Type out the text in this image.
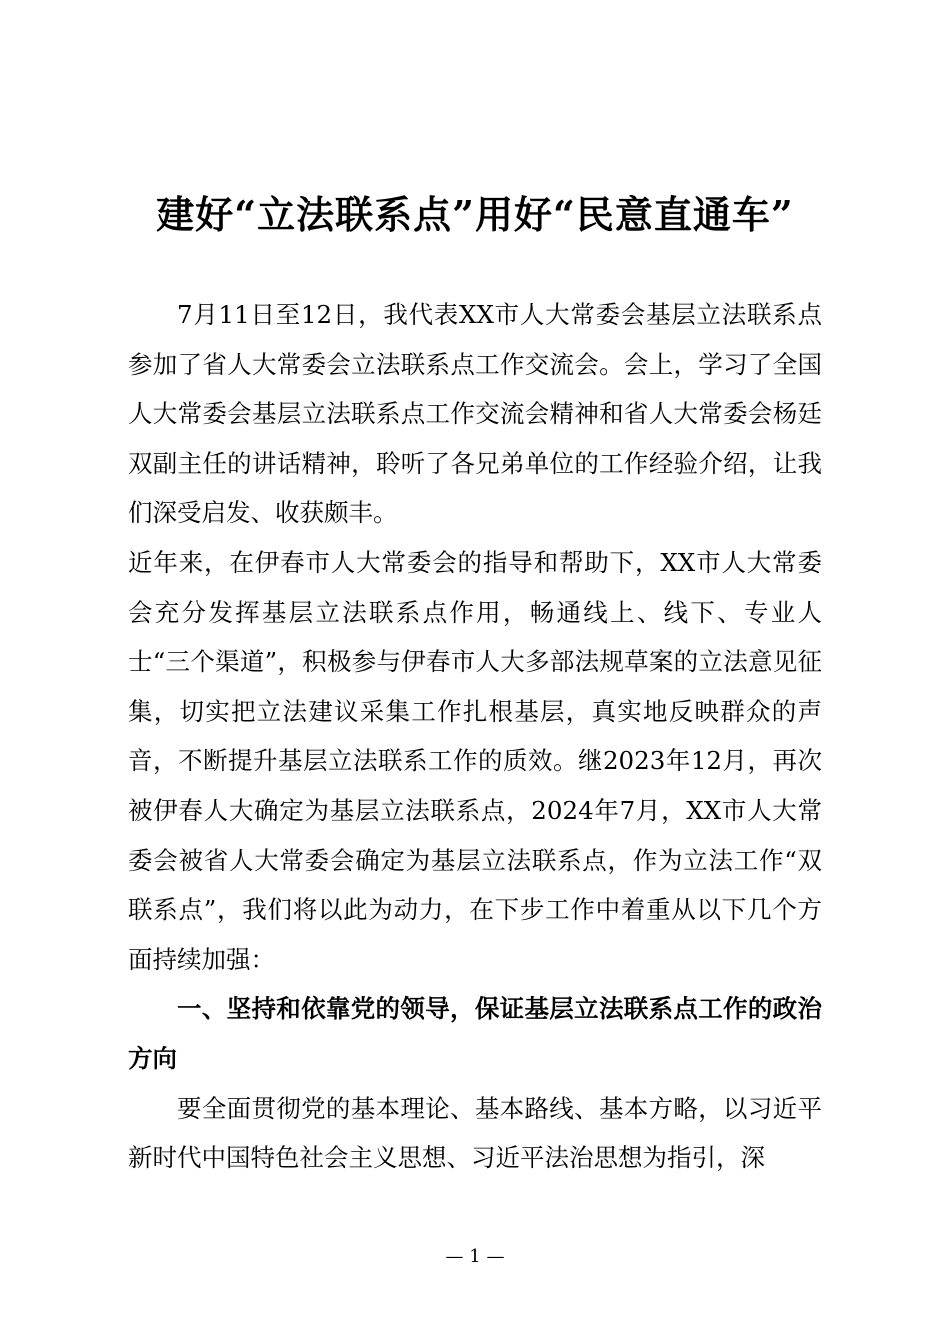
建好“立法联系点”用好“民意直通车”

7月11日至12日，我代表XX市人大常委会基层立法联系点参加了省人大常委会立法联系点工作交流会。会上，学习了全国人大常委会基层立法联系点工作交流会精神和省人大常委会杨廷双副主任的讲话精神，聆听了各兄弟单位的工作经验介绍，让我们深受启发、收获颇丰。

近年来，在伊春市人大常委会的指导和帮助下，XX市人大常委会充分发挥基层立法联系点作用，畅通线上、线下、专业人士“三个渠道”，积极参与伊春市人大多部法规草案的立法意见征集，切实把立法建议采集工作扎根基层，真实地反映群众的声音，不断提升基层立法联系工作的质效。继2023年12月，再次被伊春人大确定为基层立法联系点，2024年7月，XX市人大常委会被省人大常委会确定为基层立法联系点，作为立法工作“双联系点”，我们将以此为动力，在下步工作中着重从以下几个方面持续加强：

一、坚持和依靠党的领导，保证基层立法联系点工作的政治方向

要全面贯彻党的基本理论、基本路线、基本方略，以习近平新时代中国特色社会主义思想、习近平法治思想为指引，深

— 1 —
